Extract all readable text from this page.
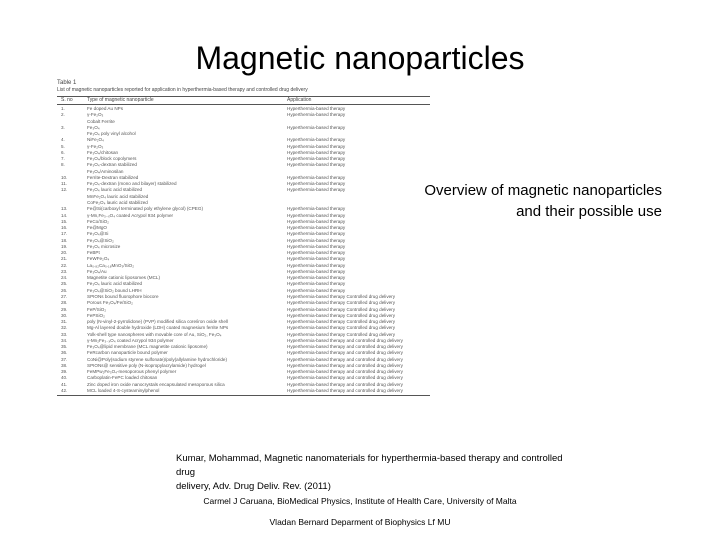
Magnetic nanoparticles
Table 1
List of magnetic nanoparticles reported for application in hyperthermia-based therapy and controlled drug delivery
S. no	Type of magnetic nanoparticle	Application
1.	Fe doped Au NPs	Hyperthermia-based therapy
2.	γ-Fe₂O₃	Hyperthermia-based therapy
Cobalt Ferrite
3.	Fe₃O₄	Hyperthermia-based therapy
Fe₃O₄ poly vinyl alcohol
4.	NiFe₂O₄	Hyperthermia-based therapy
5.	γ-Fe₂O₃	Hyperthermia-based therapy
6.	Fe₃O₄/chitosan	Hyperthermia-based therapy
7.	Fe₃O₄/block copolymers	Hyperthermia-based therapy
8.	Fe₃O₄-dextran stabilized	Hyperthermia-based therapy
Fe₃O₄/Aminosilan
10.	Ferrite-Dextran stabilized	Hyperthermia-based therapy
11.	Fe₃O₄-dextran (mono and bilayer) stabilized	Hyperthermia-based therapy
12.	Fe₃O₄ lauric acid stabilized	Hyperthermia-based therapy
MnFe₂O₄ lauric acid stabilized
CoFe₂O₄ lauric acid stabilized
13.	Fe@Si(carboxyl terminated poly ethylene glycol) (CPEG)	Hyperthermia-based therapy
14.	γ-Mn,Fe₃₋ₓO₄ coated Acrypol 934 polymer	Hyperthermia-based therapy
15.	FeCo/SiO₂	Hyperthermia-based therapy
16.	Fe@MgO	Hyperthermia-based therapy
17.	Fe₃O₄@Si	Hyperthermia-based therapy
18.	Fe₃O₄@SiO₂	Hyperthermia-based therapy
19.	Fe₃O₄ microsize	Hyperthermia-based therapy
20.	FeBPt	Hyperthermia-based therapy
21.	FeWFe₂O₄	Hyperthermia-based therapy
22.	La₀.₈₂Ca₀.₁₈MnO₃/SiO₂	Hyperthermia-based therapy
23.	Fe₃O₄/Au	Hyperthermia-based therapy
24.	Magnetite cationic liposomes (MCL)	Hyperthermia-based therapy
25.	Fe₃O₄ lauric acid stabilized	Hyperthermia-based therapy
26.	Fe₃O₄@SiO₂ bound LHRH	Hyperthermia-based therapy
27.	SPIONs bound fluorophore biocore	Hyperthermia-based therapy Controlled drug delivery
28.	Porous Fe₃O₄/Fe/SiO₂	Hyperthermia-based therapy Controlled drug delivery
29.	FeP/SiO₂	Hyperthermia-based therapy Controlled drug delivery
30.	FePSiO₂	Hyperthermia-based therapy Controlled drug delivery
31.	poly (N-vinyl-2-pyrrolidone) (PVP) modified silica core/iron oxide shell	Hyperthermia-based therapy Controlled drug delivery
32.	Mg-Al layered double hydroxide (LDH) coated magnesium ferrite NPs	Hyperthermia-based therapy Controlled drug delivery
33.	Yolk-shell type nanospheres with movable core of Au, SiO₂, Fe₃O₄	Hyperthermia-based therapy Controlled drug delivery
34.	γ-Mn₂Fe₃₋ₓO₄ coated Acrypol 934 polymer	Hyperthermia-based therapy and controlled drug delivery
35.	Fe₃O₄@lipid membrane (MCL magnetite cationic liposome)	Hyperthermia-based therapy and controlled drug delivery
36.	FeRcarbon nanoparticle bound polymer	Hyperthermia-based therapy and controlled drug delivery
37.	CoNi@Poly(sodium styrene sulfonate)/poly(allylamine hydrochloride)	Hyperthermia-based therapy and controlled drug delivery
38.	SPIONs@ sensitive poly (N-isopropylacrylamide) hydrogel	Hyperthermia-based therapy and controlled drug delivery
39.	FeMPw₂Fe₃O₄-mesoporous phenyl polymer	Hyperthermia-based therapy and controlled drug delivery
40.	Carboplatin-FePC loaded chitosan	Hyperthermia-based therapy and controlled drug delivery
41.	Zinc doped iron oxide nanocrystals encapsulated mesoporous silica	Hyperthermia-based therapy and controlled drug delivery
42.	MCL loaded 4-S-cysteaminylphenol	Hyperthermia-based therapy and controlled drug delivery
Overview of magnetic nanoparticles
and their possible use
Kumar, Mohammad, Magnetic nanomaterials for hyperthermia-based therapy and controlled drug
delivery, Adv. Drug Deliv. Rev. (2011)
Carmel J Caruana, BioMedical Physics, Institute of Health Care, University of Malta
Vladan Bernard Deparment of Biophysics Lf MU
